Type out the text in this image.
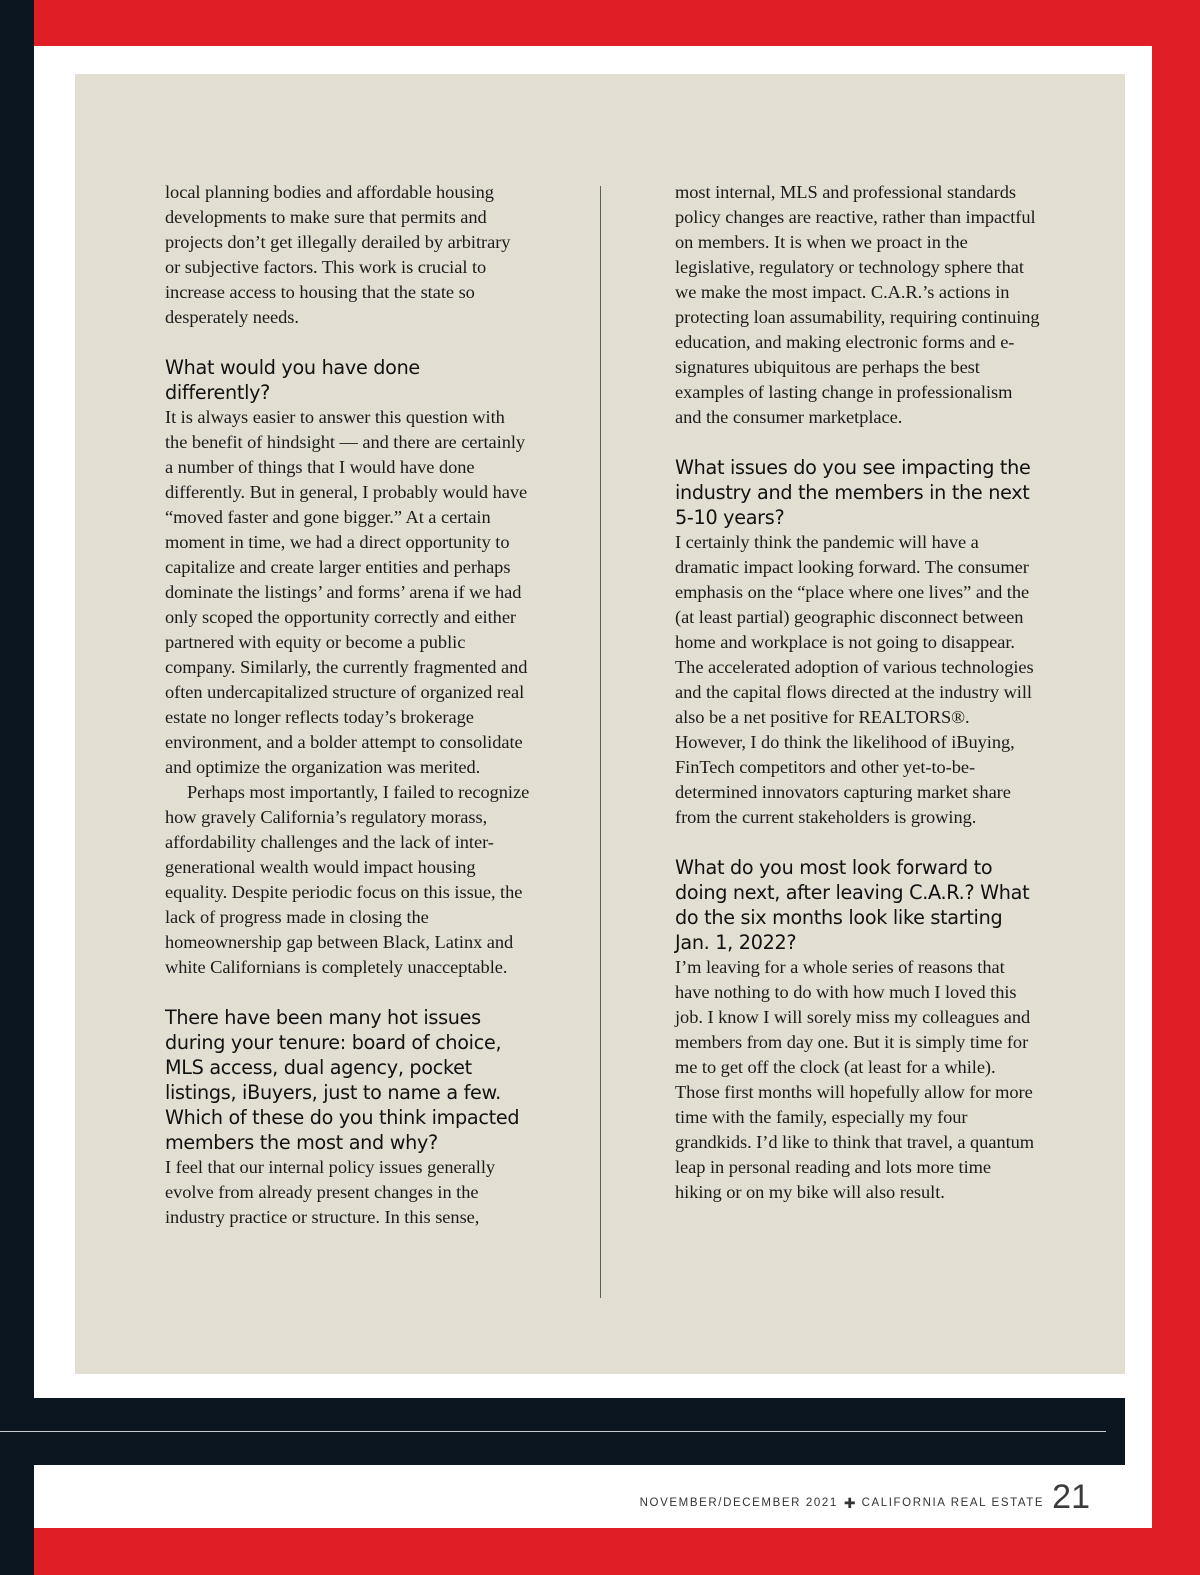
local planning bodies and affordable housing developments to make sure that permits and projects don’t get illegally derailed by arbitrary or subjective factors. This work is crucial to increase access to housing that the state so desperately needs.

What would you have done differently?

It is always easier to answer this question with the benefit of hindsight — and there are certainly a number of things that I would have done differently. But in general, I probably would have “moved faster and gone bigger.” At a certain moment in time, we had a direct opportunity to capitalize and create larger entities and perhaps dominate the listings’ and forms’ arena if we had only scoped the opportunity correctly and either partnered with equity or become a public company. Similarly, the currently fragmented and often undercapitalized structure of organized real estate no longer reflects today’s brokerage environment, and a bolder attempt to consolidate and optimize the organization was merited.

Perhaps most importantly, I failed to recognize how gravely California’s regulatory morass, affordability challenges and the lack of inter-generational wealth would impact housing equality. Despite periodic focus on this issue, the lack of progress made in closing the homeownership gap between Black, Latinx and white Californians is completely unacceptable.

There have been many hot issues during your tenure: board of choice, MLS access, dual agency, pocket listings, iBuyers, just to name a few. Which of these do you think impacted members the most and why?

I feel that our internal policy issues generally evolve from already present changes in the industry practice or structure. In this sense,

most internal, MLS and professional standards policy changes are reactive, rather than impactful on members. It is when we proact in the legislative, regulatory or technology sphere that we make the most impact. C.A.R.’s actions in protecting loan assumability, requiring continuing education, and making electronic forms and e-signatures ubiquitous are perhaps the best examples of lasting change in professionalism and the consumer marketplace.

What issues do you see impacting the industry and the members in the next 5-10 years?

I certainly think the pandemic will have a dramatic impact looking forward. The consumer emphasis on the “place where one lives” and the (at least partial) geographic disconnect between home and workplace is not going to disappear. The accelerated adoption of various technologies and the capital flows directed at the industry will also be a net positive for REALTORS®. However, I do think the likelihood of iBuying, FinTech competitors and other yet-to-be-determined innovators capturing market share from the current stakeholders is growing.

What do you most look forward to doing next, after leaving C.A.R.? What do the six months look like starting Jan. 1, 2022?

I’m leaving for a whole series of reasons that have nothing to do with how much I loved this job. I know I will sorely miss my colleagues and members from day one. But it is simply time for me to get off the clock (at least for a while). Those first months will hopefully allow for more time with the family, especially my four grandkids. I’d like to think that travel, a quantum leap in personal reading and lots more time hiking or on my bike will also result.

NOVEMBER/DECEMBER 2021 ✚ CALIFORNIA REAL ESTATE 21
